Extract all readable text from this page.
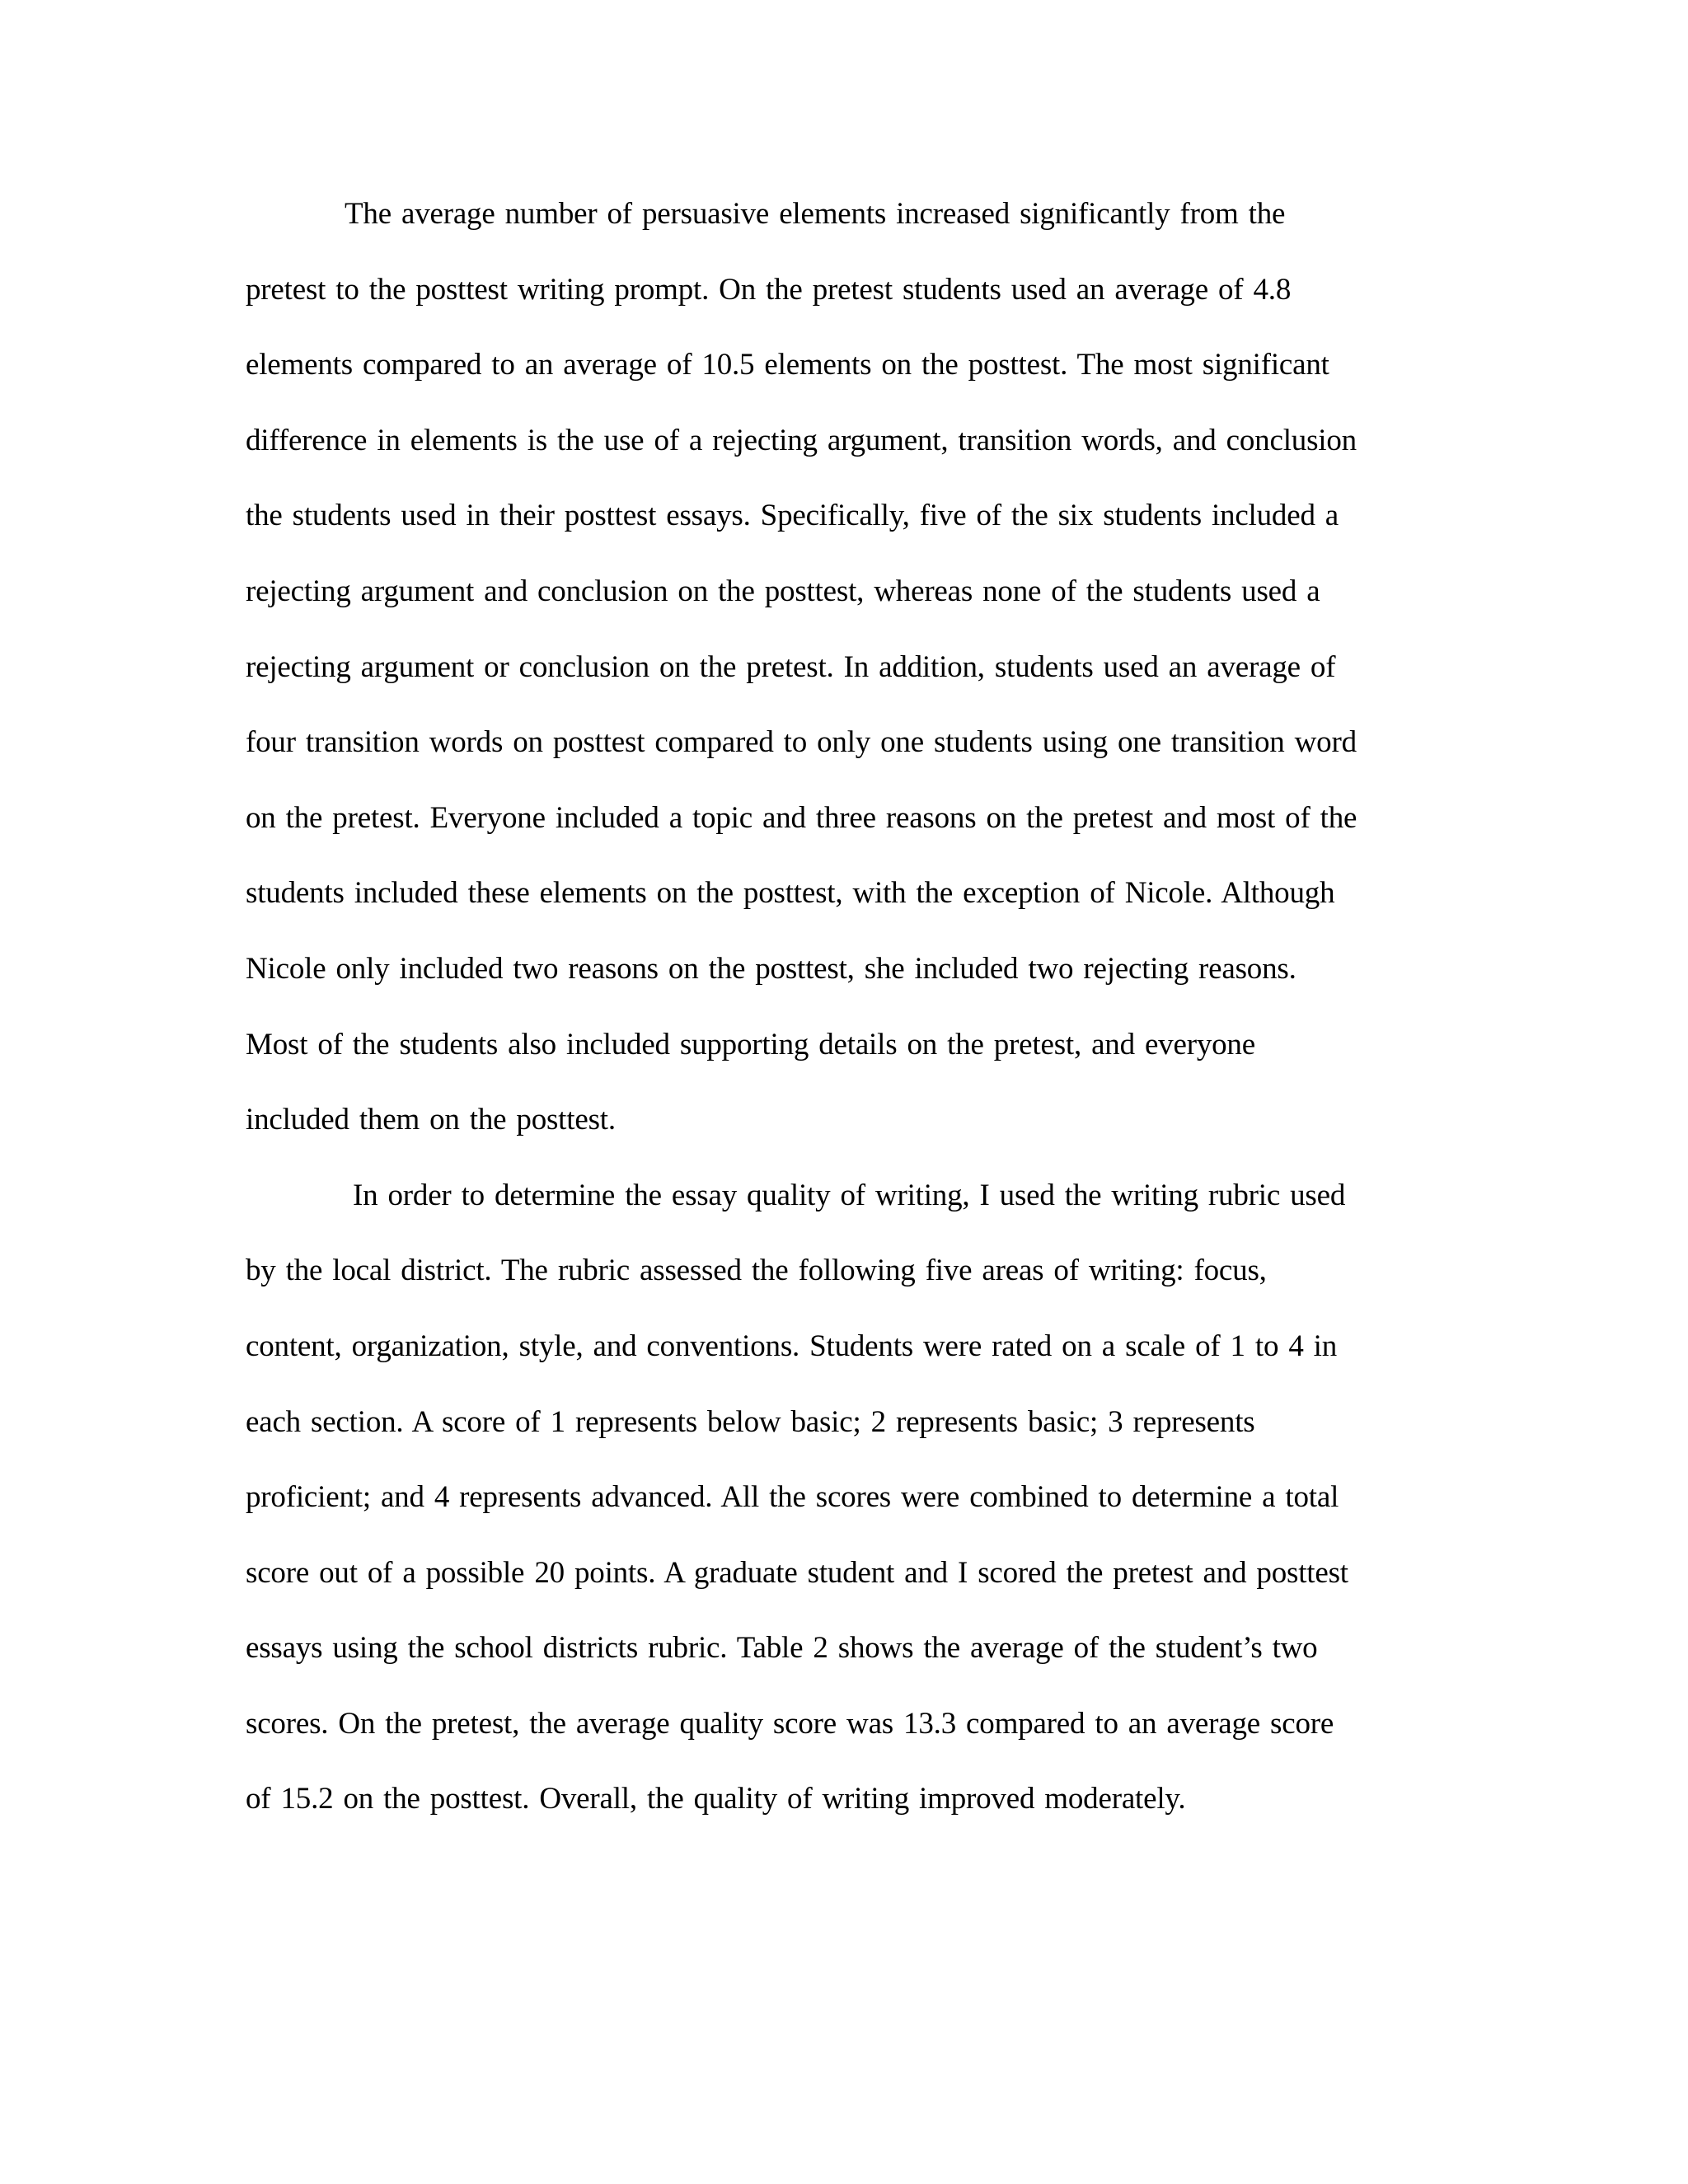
The average number of persuasive elements increased significantly from the
pretest to the posttest writing prompt. On the pretest students used an average of 4.8
elements compared to an average of 10.5 elements on the posttest. The most significant
difference in elements is the use of a rejecting argument, transition words, and conclusion
the students used in their posttest essays. Specifically, five of the six students included a
rejecting argument and conclusion on the posttest, whereas none of the students used a
rejecting argument or conclusion on the pretest. In addition, students used an average of
four transition words on posttest compared to only one students using one transition word
on the pretest. Everyone included a topic and three reasons on the pretest and most of the
students included these elements on the posttest, with the exception of Nicole. Although
Nicole only included two reasons on the posttest, she included two rejecting reasons.
Most of the students also included supporting details on the pretest, and everyone
included them on the posttest.
In order to determine the essay quality of writing, I used the writing rubric used
by the local district. The rubric assessed the following five areas of writing: focus,
content, organization, style, and conventions. Students were rated on a scale of 1 to 4 in
each section. A score of 1 represents below basic; 2 represents basic; 3 represents
proficient; and 4 represents advanced. All the scores were combined to determine a total
score out of a possible 20 points. A graduate student and I scored the pretest and posttest
essays using the school districts rubric. Table 2 shows the average of the student’s two
scores. On the pretest, the average quality score was 13.3 compared to an average score
of 15.2 on the posttest. Overall, the quality of writing improved moderately.
